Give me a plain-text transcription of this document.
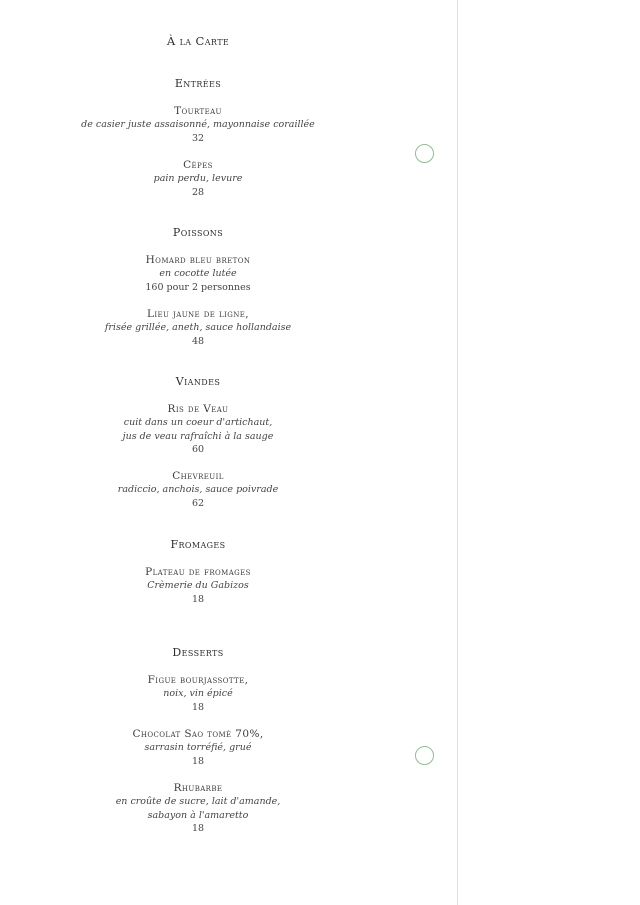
À la Carte
Entrées
Tourteau
de casier juste assaisonné, mayonnaise coraillée
32
Cèpes
pain perdu, levure
28
Poissons
Homard bleu breton
en cocotte lutée
160 pour 2 personnes
Lieu jaune de ligne,
frisée grillée, aneth, sauce hollandaise
48
Viandes
Ris de Veau
cuit dans un coeur d'artichaut,
jus de veau rafraîchi à la sauge
60
Chevreuil
radiccio, anchois, sauce poivrade
62
Fromages
Plateau de fromages
Crèmerie du Gabizos
18
Desserts
Figue bourjassotte,
noix, vin épicé
18
Chocolat Sao tomé 70%,
sarrasin torréfié, grué
18
Rhubarbe
en croûte de sucre, lait d'amande,
sabayon à l'amaretto
18
